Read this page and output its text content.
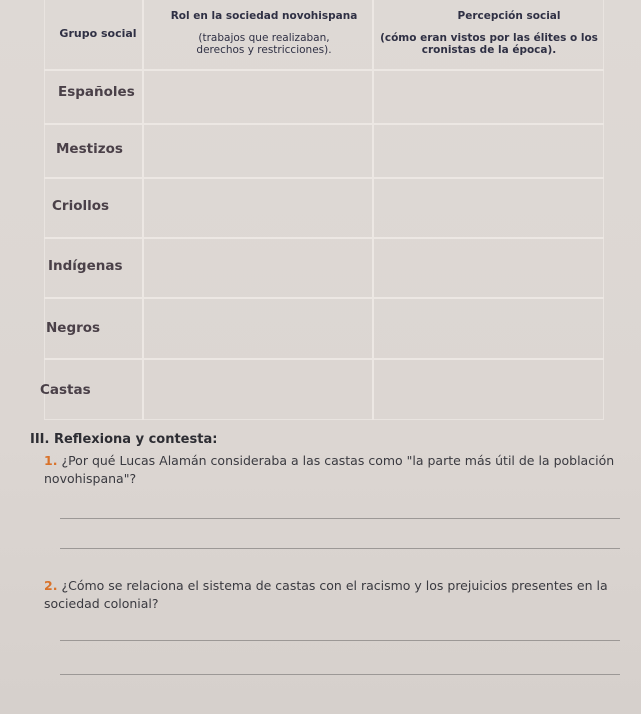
Grupo social
Rol en la sociedad novohispana
(trabajos que realizaban, derechos y restricciones).
Percepción social
(cómo eran vistos por las élites o los cronistas de la época).
Españoles
Mestizos
Criollos
Indígenas
Negros
Castas
III. Reflexiona y contesta:
1. ¿Por qué Lucas Alamán consideraba a las castas como "la parte más útil de la población novohispana"?
2. ¿Cómo se relaciona el sistema de castas con el racismo y los prejuicios presentes en la sociedad colonial?
